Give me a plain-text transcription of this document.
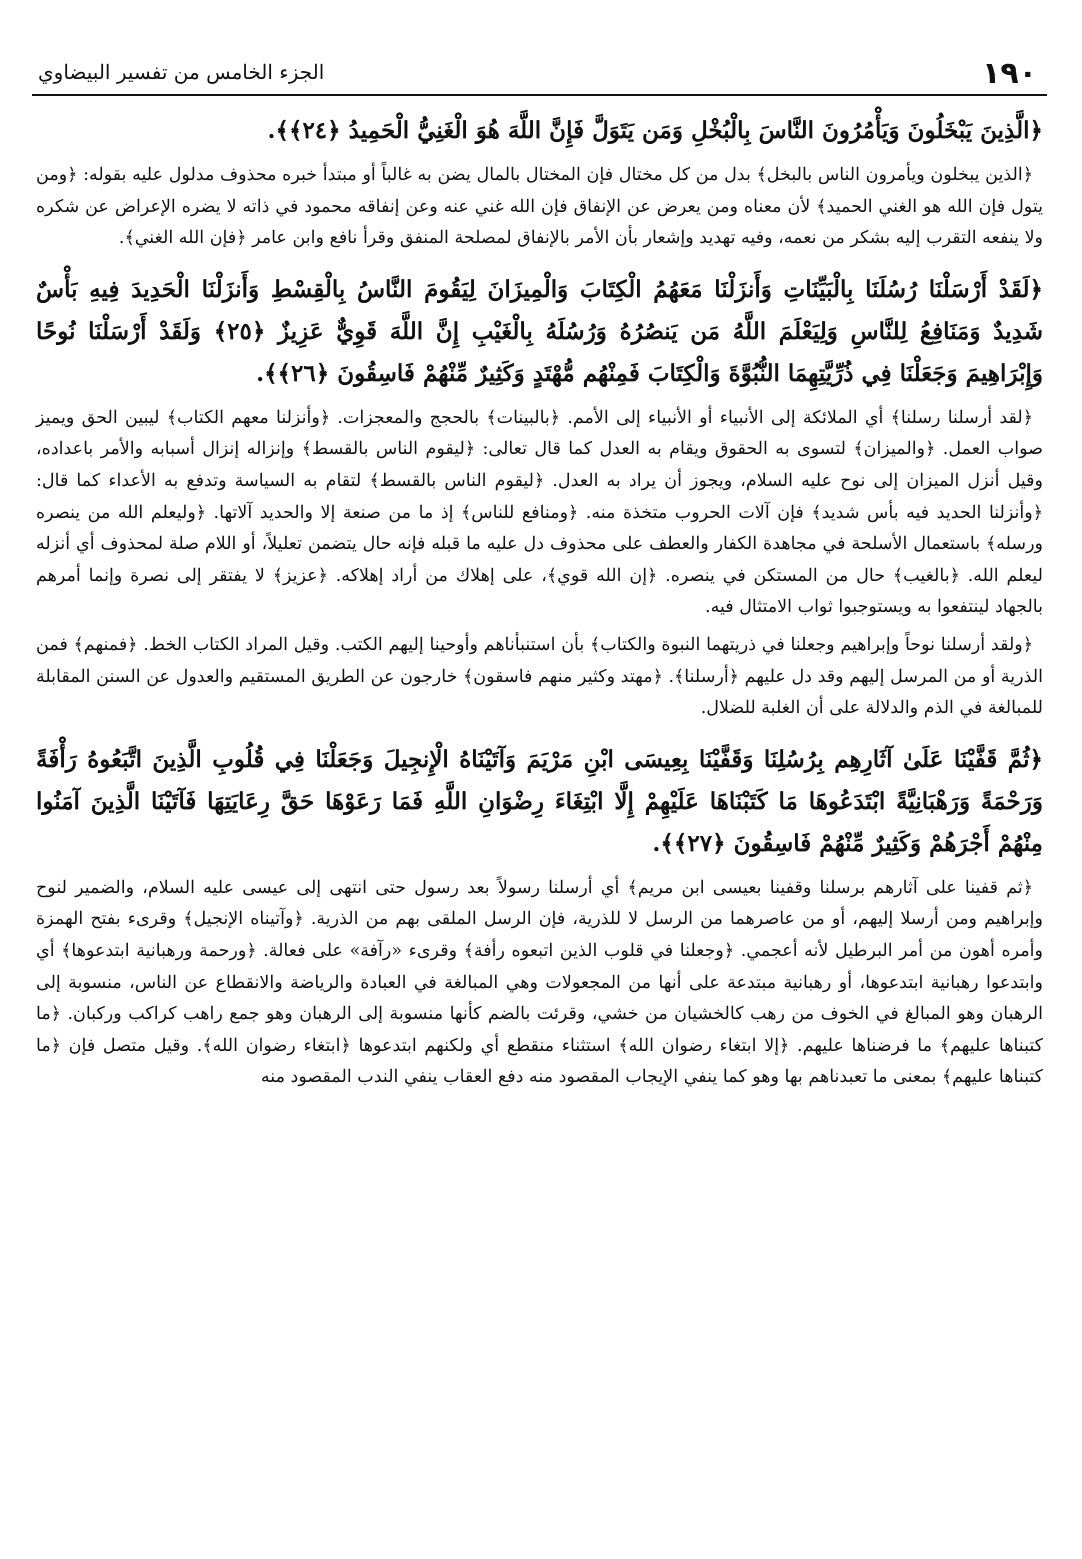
١٩٠
الجزء الخامس من تفسير البيضاوي

﴿الَّذِينَ يَبْخَلُونَ وَيَأْمُرُونَ النَّاسَ بِالْبُخْلِ وَمَن يَتَوَلَّ فَإِنَّ اللَّهَ هُوَ الْغَنِيُّ الْحَمِيدُ ﴿٢٤﴾﴾.

﴿الذين يبخلون ويأمرون الناس بالبخل﴾ بدل من كل مختال فإن المختال بالمال يضن به غالباً أو مبتدأ خبره محذوف مدلول عليه بقوله: ﴿ومن يتول فإن الله هو الغني الحميد﴾ لأن معناه ومن يعرض عن الإنفاق فإن الله غني عنه وعن إنفاقه محمود في ذاته لا يضره الإعراض عن شكره ولا ينفعه التقرب إليه بشكر من نعمه، وفيه تهديد وإشعار بأن الأمر بالإنفاق لمصلحة المنفق وقرأ نافع وابن عامر ﴿فإن الله الغني﴾.

﴿لَقَدْ أَرْسَلْنَا رُسُلَنَا بِالْبَيِّنَاتِ وَأَنزَلْنَا مَعَهُمُ الْكِتَابَ وَالْمِيزَانَ لِيَقُومَ النَّاسُ بِالْقِسْطِ وَأَنزَلْنَا الْحَدِيدَ فِيهِ بَأْسٌ شَدِيدٌ وَمَنَافِعُ لِلنَّاسِ وَلِيَعْلَمَ اللَّهُ مَن يَنصُرُهُ وَرُسُلَهُ بِالْغَيْبِ إِنَّ اللَّهَ قَوِيٌّ عَزِيزٌ ﴿٢٥﴾ وَلَقَدْ أَرْسَلْنَا نُوحًا وَإِبْرَاهِيمَ وَجَعَلْنَا فِي ذُرِّيَّتِهِمَا النُّبُوَّةَ وَالْكِتَابَ فَمِنْهُم مُّهْتَدٍ وَكَثِيرٌ مِّنْهُمْ فَاسِقُونَ ﴿٢٦﴾﴾.

﴿لقد أرسلنا رسلنا﴾ أي الملائكة إلى الأنبياء أو الأنبياء إلى الأمم. ﴿بالبينات﴾ بالحجج والمعجزات. ﴿وأنزلنا معهم الكتاب﴾ ليبين الحق ويميز صواب العمل. ﴿والميزان﴾ لتسوى به الحقوق ويقام به العدل كما قال تعالى: ﴿ليقوم الناس بالقسط﴾ وإنزاله إنزال أسبابه والأمر باعداده، وقيل أنزل الميزان إلى نوح عليه السلام، ويجوز أن يراد به العدل. ﴿ليقوم الناس بالقسط﴾ لتقام به السياسة وتدفع به الأعداء كما قال: ﴿وأنزلنا الحديد فيه بأس شديد﴾ فإن آلات الحروب متخذة منه. ﴿ومنافع للناس﴾ إذ ما من صنعة إلا والحديد آلاتها. ﴿وليعلم الله من ينصره ورسله﴾ باستعمال الأسلحة في مجاهدة الكفار والعطف على محذوف دل عليه ما قبله فإنه حال يتضمن تعليلاً، أو اللام صلة لمحذوف أي أنزله ليعلم الله. ﴿بالغيب﴾ حال من المستكن في ينصره. ﴿إن الله قوي﴾، على إهلاك من أراد إهلاكه. ﴿عزيز﴾ لا يفتقر إلى نصرة وإنما أمرهم بالجهاد لينتفعوا به ويستوجبوا ثواب الامتثال فيه.

﴿ولقد أرسلنا نوحاً وإبراهيم وجعلنا في ذريتهما النبوة والكتاب﴾ بأن استنبأناهم وأوحينا إليهم الكتب. وقيل المراد الكتاب الخط. ﴿فمنهم﴾ فمن الذرية أو من المرسل إليهم وقد دل عليهم ﴿أرسلنا﴾. ﴿مهتد وكثير منهم فاسقون﴾ خارجون عن الطريق المستقيم والعدول عن السنن المقابلة للمبالغة في الذم والدلالة على أن الغلبة للضلال.

﴿ثُمَّ قَفَّيْنَا عَلَىٰ آثَارِهِم بِرُسُلِنَا وَقَفَّيْنَا بِعِيسَى ابْنِ مَرْيَمَ وَآتَيْنَاهُ الْإِنجِيلَ وَجَعَلْنَا فِي قُلُوبِ الَّذِينَ اتَّبَعُوهُ رَأْفَةً وَرَحْمَةً وَرَهْبَانِيَّةً ابْتَدَعُوهَا مَا كَتَبْنَاهَا عَلَيْهِمْ إِلَّا ابْتِغَاءَ رِضْوَانِ اللَّهِ فَمَا رَعَوْهَا حَقَّ رِعَايَتِهَا فَآتَيْنَا الَّذِينَ آمَنُوا مِنْهُمْ أَجْرَهُمْ وَكَثِيرٌ مِّنْهُمْ فَاسِقُونَ ﴿٢٧﴾﴾.

﴿ثم قفينا على آثارهم برسلنا وقفينا بعيسى ابن مريم﴾ أي أرسلنا رسولاً بعد رسول حتى انتهى إلى عيسى عليه السلام، والضمير لنوح وإبراهيم ومن أرسلا إليهم، أو من عاصرهما من الرسل لا للذرية، فإن الرسل الملقى بهم من الذرية. ﴿وآتيناه الإنجيل﴾ وقرىء بفتح الهمزة وأمره أهون من أمر البرطيل لأنه أعجمي. ﴿وجعلنا في قلوب الذين اتبعوه رأفة﴾ وقرىء «رآفة» على فعالة. ﴿ورحمة ورهبانية ابتدعوها﴾ أي وابتدعوا رهبانية ابتدعوها، أو رهبانية مبتدعة على أنها من المجعولات وهي المبالغة في العبادة والرياضة والانقطاع عن الناس، منسوبة إلى الرهبان وهو المبالغ في الخوف من رهب كالخشيان من خشي، وقرئت بالضم كأنها منسوبة إلى الرهبان وهو جمع راهب كراكب وركبان. ﴿ما كتبناها عليهم﴾ ما فرضناها عليهم. ﴿إلا ابتغاء رضوان الله﴾ استثناء منقطع أي ولكنهم ابتدعوها ﴿ابتغاء رضوان الله﴾. وقيل متصل فإن ﴿ما كتبناها عليهم﴾ بمعنى ما تعبدناهم بها وهو كما ينفي الإيجاب المقصود منه دفع العقاب ينفي الندب المقصود منه
